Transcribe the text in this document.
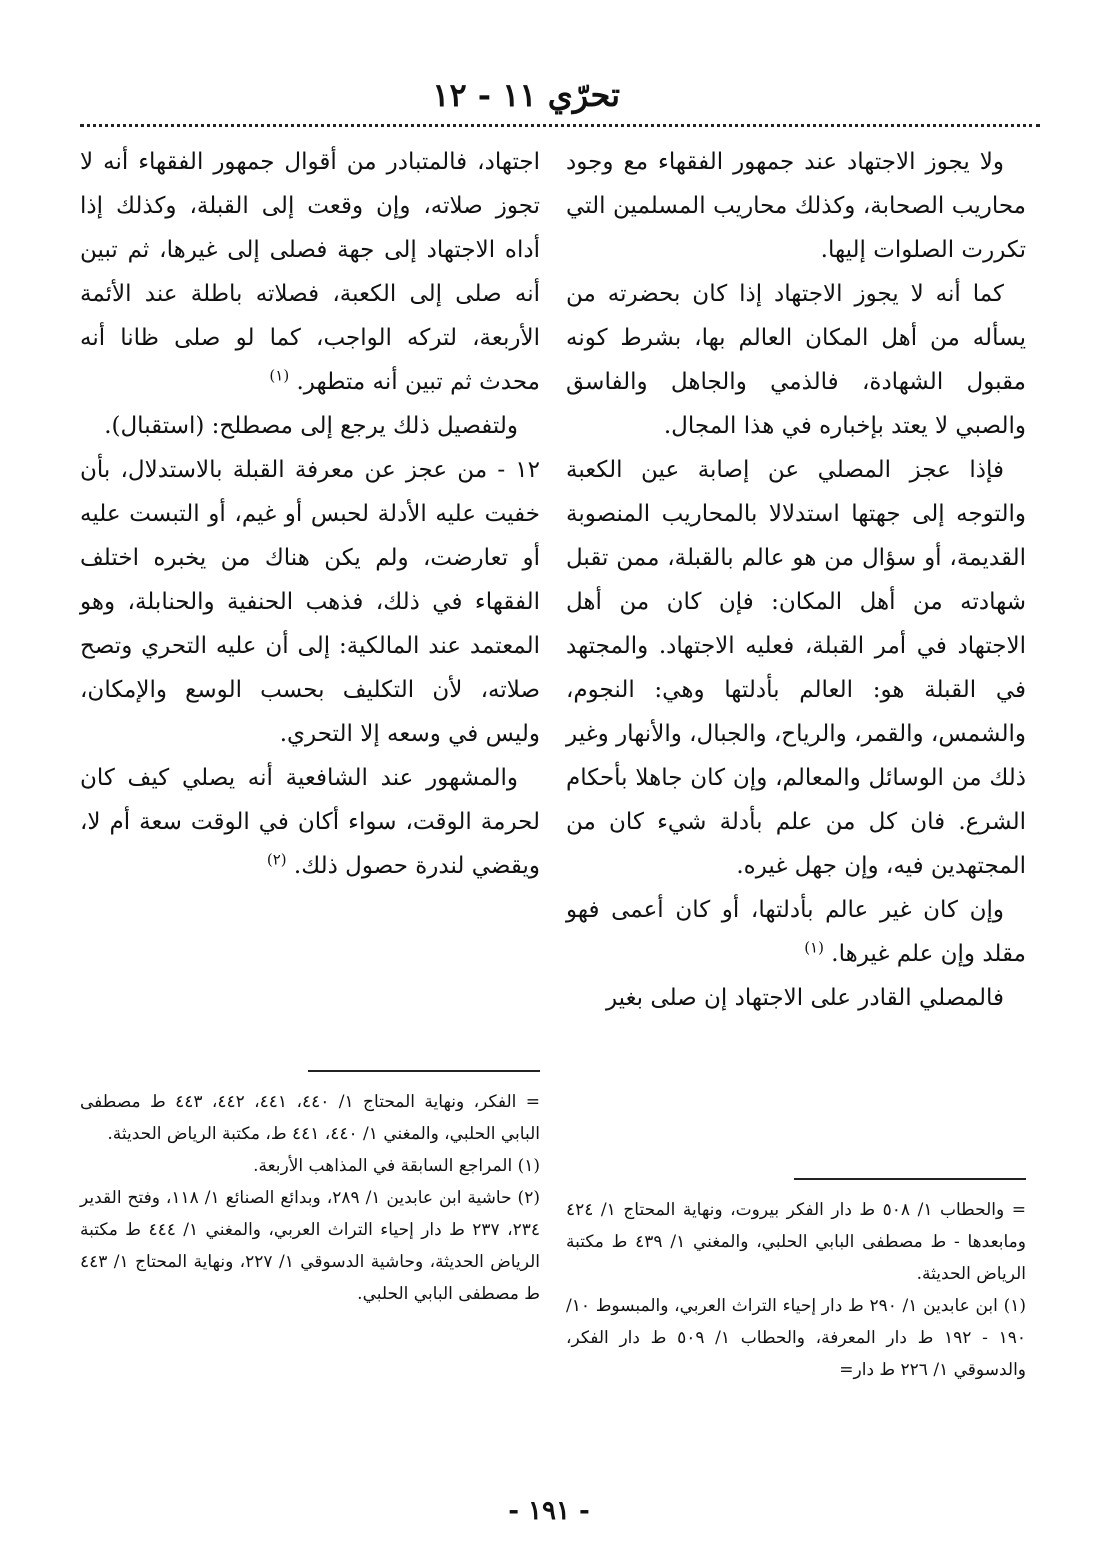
تحرّي ١١ - ١٢

ولا يجوز الاجتهاد عند جمهور الفقهاء مع وجود محاريب الصحابة، وكذلك محاريب المسلمين التي تكررت الصلوات إليها.

كما أنه لا يجوز الاجتهاد إذا كان بحضرته من يسأله من أهل المكان العالم بها، بشرط كونه مقبول الشهادة، فالذمي والجاهل والفاسق والصبي لا يعتد بإخباره في هذا المجال.

فإذا عجز المصلي عن إصابة عين الكعبة والتوجه إلى جهتها استدلالا بالمحاريب المنصوبة القديمة، أو سؤال من هو عالم بالقبلة، ممن تقبل شهادته من أهل المكان: فإن كان من أهل الاجتهاد في أمر القبلة، فعليه الاجتهاد. والمجتهد في القبلة هو: العالم بأدلتها وهي: النجوم، والشمس، والقمر، والرياح، والجبال، والأنهار وغير ذلك من الوسائل والمعالم، وإن كان جاهلا بأحكام الشرع. فان كل من علم بأدلة شيء كان من المجتهدين فيه، وإن جهل غيره.

وإن كان غير عالم بأدلتها، أو كان أعمى فهو مقلد وإن علم غيرها. $^{(١)}$

فالمصلي القادر على الاجتهاد إن صلى بغير

= والحطاب ١/ ٥٠٨ ط دار الفكر بيروت، ونهاية المحتاج ١/ ٤٢٤ ومابعدها - ط مصطفى البابي الحلبي، والمغني ١/ ٤٣٩ ط مكتبة الرياض الحديثة.

(١) ابن عابدين ١/ ٢٩٠ ط دار إحياء التراث العربي، والمبسوط ١٠/ ١٩٠ - ١٩٢ ط دار المعرفة، والحطاب ١/ ٥٠٩ ط دار الفكر، والدسوقي ١/ ٢٢٦ ط دار=

اجتهاد، فالمتبادر من أقوال جمهور الفقهاء أنه لا تجوز صلاته، وإن وقعت إلى القبلة، وكذلك إذا أداه الاجتهاد إلى جهة فصلى إلى غيرها، ثم تبين أنه صلى إلى الكعبة، فصلاته باطلة عند الأئمة الأربعة، لتركه الواجب، كما لو صلى ظانا أنه محدث ثم تبين أنه متطهر. $^{(١)}$

ولتفصيل ذلك يرجع إلى مصطلح: (استقبال).

١٢ - من عجز عن معرفة القبلة بالاستدلال، بأن خفيت عليه الأدلة لحبس أو غيم، أو التبست عليه أو تعارضت، ولم يكن هناك من يخبره اختلف الفقهاء في ذلك، فذهب الحنفية والحنابلة، وهو المعتمد عند المالكية: إلى أن عليه التحري وتصح صلاته، لأن التكليف بحسب الوسع والإمكان، وليس في وسعه إلا التحري.

والمشهور عند الشافعية أنه يصلي كيف كان لحرمة الوقت، سواء أكان في الوقت سعة أم لا، ويقضي لندرة حصول ذلك. $^{(٢)}$

= الفكر، ونهاية المحتاج ١/ ٤٤٠، ٤٤١، ٤٤٢، ٤٤٣ ط مصطفى البابي الحلبي، والمغني ١/ ٤٤٠، ٤٤١ ط، مكتبة الرياض الحديثة.

(١) المراجع السابقة في المذاهب الأربعة.

(٢) حاشية ابن عابدين ١/ ٢٨٩، وبدائع الصنائع ١/ ١١٨، وفتح القدير ٢٣٤، ٢٣٧ ط دار إحياء التراث العربي، والمغني ١/ ٤٤٤ ط مكتبة الرياض الحديثة، وحاشية الدسوقي ١/ ٢٢٧، ونهاية المحتاج ١/ ٤٤٣ ط مصطفى البابي الحلبي.

- ١٩١ -
